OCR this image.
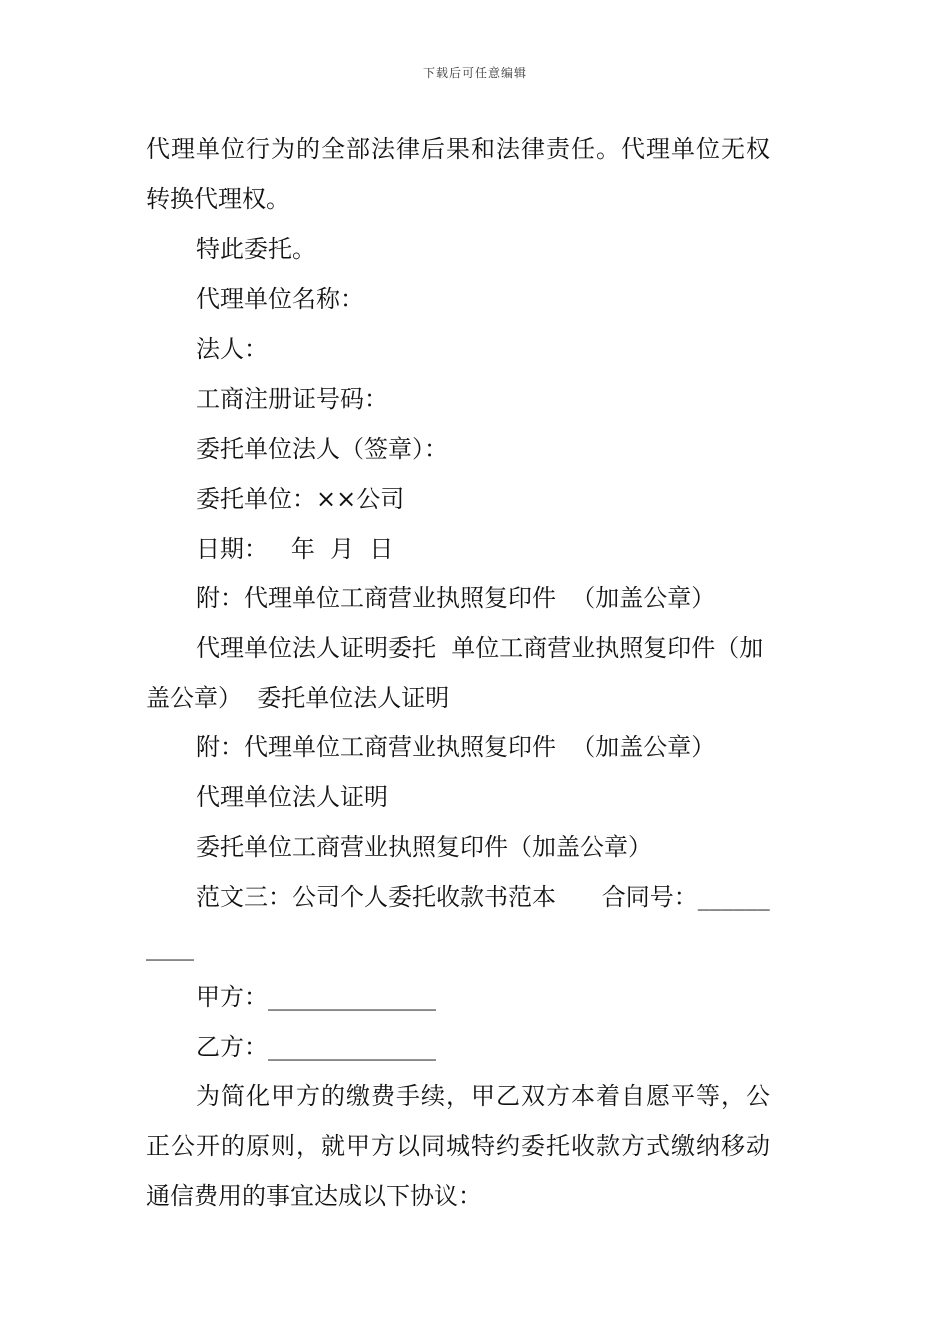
下载后可任意编辑
代理单位行为的全部法律后果和法律责任。代理单位无权
转换代理权。
特此委托。
代理单位名称：
法人：
工商注册证号码：
委托单位法人（签章）：
委托单位：××公司
日期：   年  月  日
附：代理单位工商营业执照复印件  （加盖公章）
代理单位法人证明委托  单位工商营业执照复印件（加
盖公章）  委托单位法人证明
附：代理单位工商营业执照复印件  （加盖公章）
代理单位法人证明
委托单位工商营业执照复印件（加盖公章）
范文三：公司个人委托收款书范本      合同号：______
____
甲方：______________
乙方：______________
为简化甲方的缴费手续，甲乙双方本着自愿平等，公
正公开的原则，就甲方以同城特约委托收款方式缴纳移动
通信费用的事宜达成以下协议：
